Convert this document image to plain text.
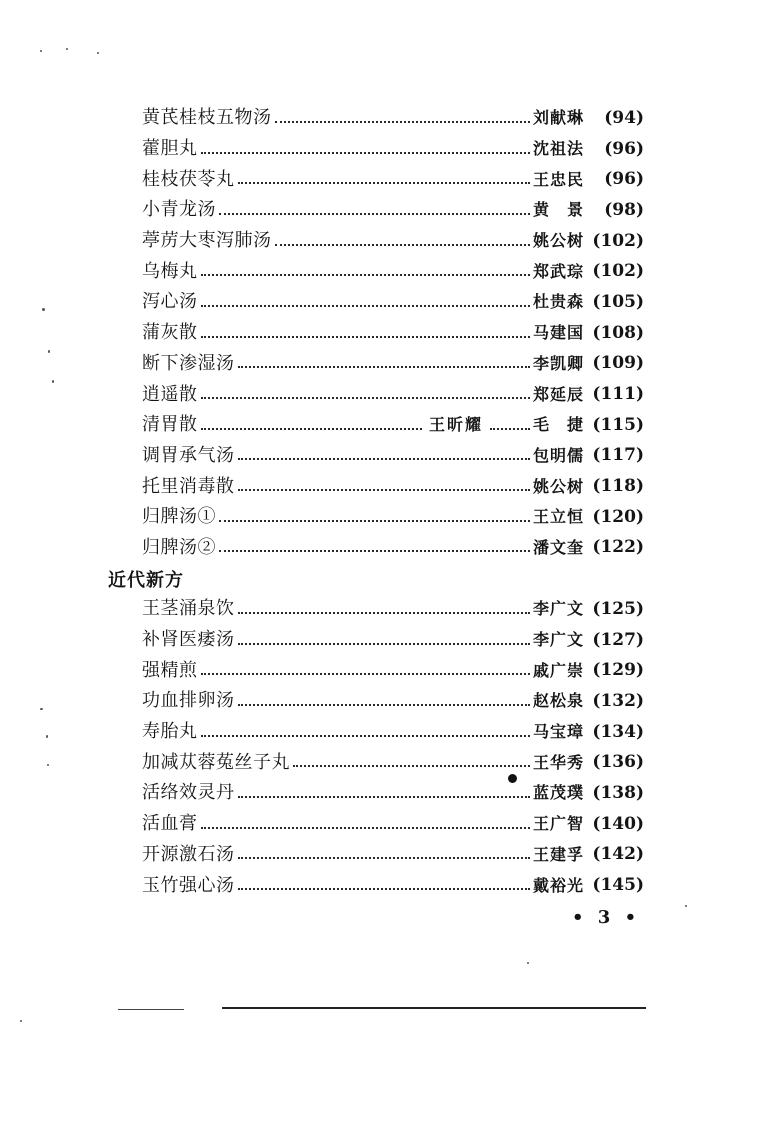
黄芪桂枝五物汤	刘献琳	(94)
藿胆丸	沈祖法	(96)
桂枝茯苓丸	王忠民	(96)
小青龙汤	黄　景	(98)
葶苈大枣泻肺汤	姚公树 (102)
乌梅丸	郑武琮 (102)
泻心汤	杜贵森 (105)
蒲灰散	马建国 (108)
断下渗湿汤	李凯卿 (109)
逍遥散	郑延辰 (111)
清胃散	王昕耀	毛　捷 (115)
调胃承气汤	包明儒 (117)
托里消毒散	姚公树 (118)
归脾汤①	王立恒 (120)
归脾汤②	潘文奎 (122)
近代新方
王茎涌泉饮	李广文 (125)
补肾医痿汤	李广文 (127)
强精煎	戚广崇 (129)
功血排卵汤	赵松泉 (132)
寿胎丸	马宝璋 (134)
加减苁蓉菟丝子丸	王华秀 (136)
活络效灵丹	蓝茂璞 (138)
活血膏	王广智 (140)
开源激石汤	王建孚 (142)
玉竹强心汤	戴裕光 (145)
• 3 •
